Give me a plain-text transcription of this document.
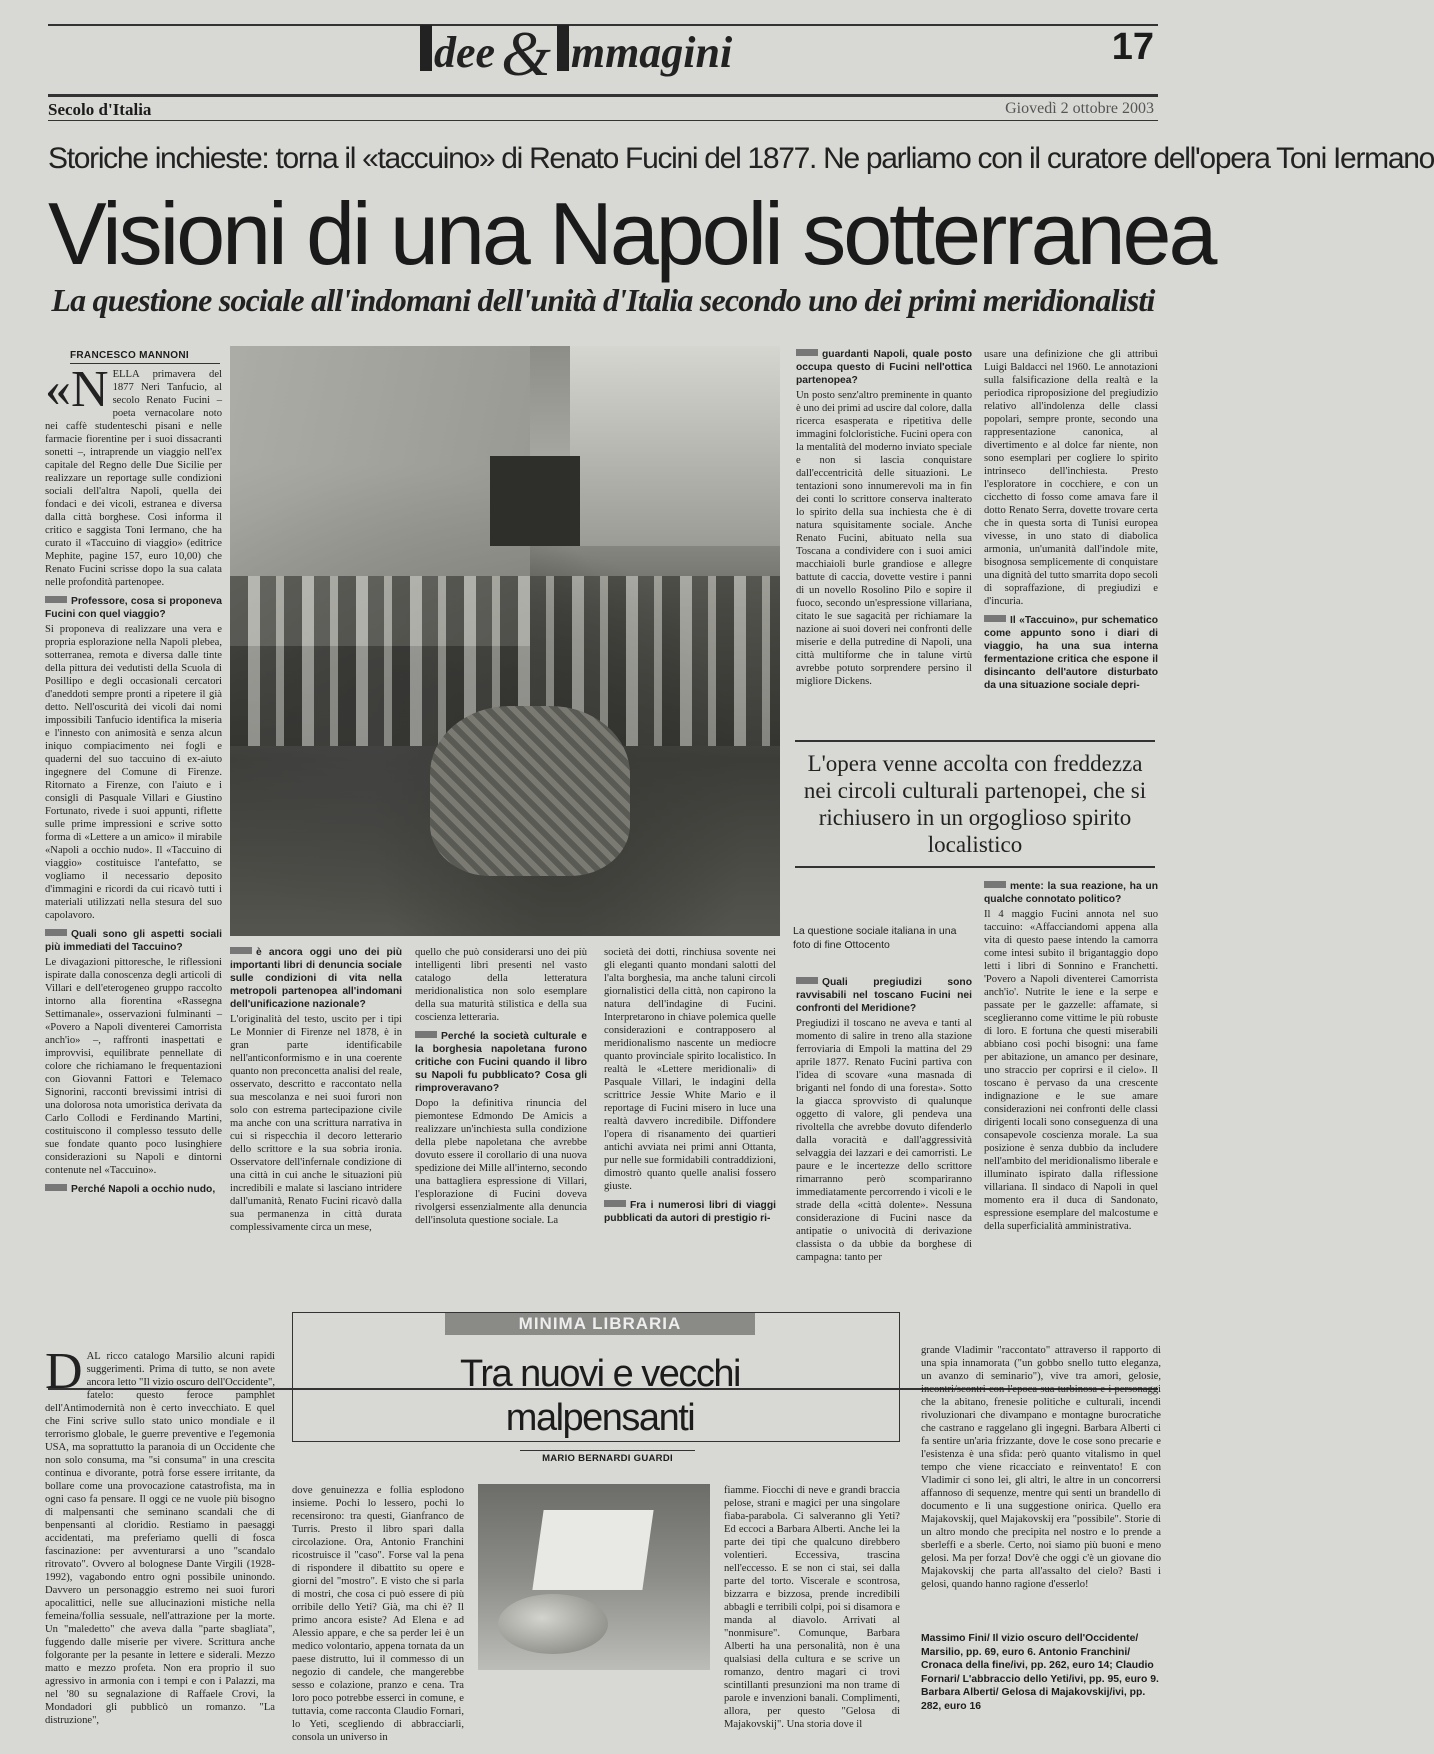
dee& mmagini	17
Secolo d'Italia	Giovedì 2 ottobre 2003
Storiche inchieste: torna il «taccuino» di Renato Fucini del 1877. Ne parliamo con il curatore dell'opera Toni Iermano
Visioni di una Napoli sotterranea
La questione sociale all'indomani dell'unità d'Italia secondo uno dei primi meridionalisti
FRANCESCO MANNONI

«NELLA primavera del 1877 Neri Tanfucio, al secolo Renato Fucini – poeta vernacolare noto nei caffè studenteschi pisani e nelle farmacie fiorentine per i suoi dissacranti sonetti –, intraprende un viaggio nell'ex capitale del Regno delle Due Sicilie per realizzare un reportage sulle condizioni sociali dell'altra Napoli, quella dei fondaci e dei vicoli, estranea e diversa dalla città borghese. Così informa il critico e saggista Toni Iermano, che ha curato il «Taccuino di viaggio» (editrice Mephite, pagine 157, euro 10,00) che Renato Fucini scrisse dopo la sua calata nelle profondità partenopee.

Professore, cosa si proponeva Fucini con quel viaggio?

Si proponeva di realizzare una vera e propria esplorazione nella Napoli plebea, sotterranea, remota e diversa dalle tinte della pittura dei vedutisti della Scuola di Posillipo e degli occasionali cercatori d'aneddoti sempre pronti a ripetere il già detto. Nell'oscurità dei vicoli dai nomi impossibili Tanfucio identifica la miseria e l'innesto con animosità e senza alcun iniquo compiacimento nei fogli e quaderni del suo taccuino di ex-aiuto ingegnere del Comune di Firenze. Ritornato a Firenze, con l'aiuto e i consigli di Pasquale Villari e Giustino Fortunato, rivede i suoi appunti, riflette sulle prime impressioni e scrive sotto forma di «Lettere a un amico» il mirabile «Napoli a occhio nudo». Il «Taccuino di viaggio» costituisce l'antefatto, se vogliamo il necessario deposito d'immagini e ricordi da cui ricavò tutti i materiali utilizzati nella stesura del suo capolavoro.

Quali sono gli aspetti sociali più immediati del Taccuino?

Le divagazioni pittoresche, le riflessioni ispirate dalla conoscenza degli articoli di Villari e dell'eterogeneo gruppo raccolto intorno alla fiorentina «Rassegna Settimanale», osservazioni fulminanti – «Povero a Napoli diventerei Camorrista anch'io» –, raffronti inaspettati e improvvisi, equilibrate pennellate di colore che richiamano le frequentazioni con Giovanni Fattori e Telemaco Signorini, racconti brevissimi intrisi di una dolorosa nota umoristica derivata da Carlo Collodi e Ferdinando Martini, costituiscono il complesso tessuto delle sue fondate quanto poco lusinghiere considerazioni su Napoli e dintorni contenute nel «Taccuino».

Perché Napoli a occhio nudo,

è ancora oggi uno dei più importanti libri di denuncia sociale sulle condizioni di vita nella metropoli partenopea all'indomani dell'unificazione nazionale?

L'originalità del testo, uscito per i tipi Le Monnier di Firenze nel 1878, è in gran parte identificabile nell'anticonformismo e in una coerente quanto non preconcetta analisi del reale, osservato, descritto e raccontato nella sua mescolanza e nei suoi furori non solo con estrema partecipazione civile ma anche con una scrittura narrativa in cui si rispecchia il decoro letterario dello scrittore e la sua sobria ironia. Osservatore dell'infernale condizione di una città in cui anche le situazioni più incredibili e malate si lasciano intridere dall'umanità, Renato Fucini ricavò dalla sua permanenza in città durata complessivamente circa un mese,

quello che può considerarsi uno dei più intelligenti libri presenti nel vasto catalogo della letteratura meridionalistica non solo esemplare della sua maturità stilistica e della sua coscienza letteraria.

Perché la società culturale e la borghesia napoletana furono critiche con Fucini quando il libro su Napoli fu pubblicato? Cosa gli rimproveravano?

Dopo la definitiva rinuncia del piemontese Edmondo De Amicis a realizzare un'inchiesta sulla condizione della plebe napoletana che avrebbe dovuto essere il corollario di una nuova spedizione dei Mille all'interno, secondo una battagliera espressione di Villari, l'esplorazione di Fucini doveva rivolgersi essenzialmente alla denuncia dell'insoluta questione sociale. La

società dei dotti, rinchiusa sovente nei gli eleganti quanto mondani salotti del l'alta borghesia, ma anche taluni circoli giornalistici della città, non capirono la natura dell'indagine di Fucini. Interpretarono in chiave polemica quelle considerazioni e contrapposero al meridionalismo nascente un mediocre quanto provinciale spirito localistico. In realtà le «Lettere meridionali» di Pasquale Villari, le indagini della scrittrice Jessie White Mario e il reportage di Fucini misero in luce una realtà davvero incredibile. Diffondere l'opera di risanamento dei quartieri antichi avviata nei primi anni Ottanta, pur nelle sue formidabili contraddizioni, dimostrò quanto quelle analisi fossero giuste.

Fra i numerosi libri di viaggi pubblicati da autori di prestigio ri-

guardanti Napoli, quale posto occupa questo di Fucini nell'ottica partenopea?

Un posto senz'altro preminente in quanto è uno dei primi ad uscire dal colore, dalla ricerca esasperata e ripetitiva delle immagini folcloristiche. Fucini opera con la mentalità del moderno inviato speciale e non si lascia conquistare dall'eccentricità delle situazioni. Le tentazioni sono innumerevoli ma in fin dei conti lo scrittore conserva inalterato lo spirito della sua inchiesta che è di natura squisitamente sociale. Anche Renato Fucini, abituato nella sua Toscana a condividere con i suoi amici macchiaioli burle grandiose e allegre battute di caccia, dovette vestire i panni di un novello Rosolino Pilo e sopire il fuoco, secondo un'espressione villariana, citato le sue sagacità per richiamare la nazione ai suoi doveri nei confronti delle miserie e della putredine di Napoli, una città multiforme che in talune virtù avrebbe potuto sorprendere persino il migliore Dickens.

usare una definizione che gli attribuì Luigi Baldacci nel 1960. Le annotazioni sulla falsificazione della realtà e la periodica riproposizione del pregiudizio relativo all'indolenza delle classi popolari, sempre pronte, secondo una rappresentazione canonica, al divertimento e al dolce far niente, non sono esemplari per cogliere lo spirito intrinseco dell'inchiesta. Presto l'esploratore in cocchiere, e con un cicchetto di fosso come amava fare il dotto Renato Serra, dovette trovare certa che in questa sorta di Tunisi europea vivesse, in uno stato di diabolica armonia, un'umanità dall'indole mite, bisognosa semplicemente di conquistare una dignità del tutto smarrita dopo secoli di sopraffazione, di pregiudizi e d'incuria.

Il «Taccuino», pur schematico come appunto sono i diari di viaggio, ha una sua interna fermentazione critica che espone il disincanto dell'autore disturbato da una situazione sociale depri-

L'opera venne accolta con freddezza nei circoli culturali partenopei, che si richiusero in un orgoglioso spirito localistico
La questione sociale italiana in una foto di fine Ottocento

Quali pregiudizi sono ravvisabili nel toscano Fucini nei confronti del Meridione?

Pregiudizi il toscano ne aveva e tanti al momento di salire in treno alla stazione ferroviaria di Empoli la mattina del 29 aprile 1877. Renato Fucini partiva con l'idea di scovare «una masnada di briganti nel fondo di una foresta». Sotto la giacca sprovvisto di qualunque oggetto di valore, gli pendeva una rivoltella che avrebbe dovuto difenderlo dalla voracità e dall'aggressività selvaggia dei lazzari e dei camorristi. Le paure e le incertezze dello scrittore rimarranno però scompariranno immediatamente percorrendo i vicoli e le strade della «città dolente». Nessuna considerazione di Fucini nasce da antipatie o univocità di derivazione classista o da ubbie da borghese di campagna: tanto per

mente: la sua reazione, ha un qualche connotato politico?

Il 4 maggio Fucini annota nel suo taccuino: «Affacciandomi appena alla vita di questo paese intendo la camorra come intesi subito il brigantaggio dopo letti i libri di Sonnino e Franchetti. 'Povero a Napoli diventerei Camorrista anch'io'. Nutrite le iene e la serpe e passate per le gazzelle: affamate, si sceglieranno come vittime le più robuste di loro. E fortuna che questi miserabili abbiano così pochi bisogni: una fame per abitazione, un amanco per desinare, uno straccio per coprirsi e il cielo». Il toscano è pervaso da una crescente indignazione e le sue amare considerazioni nei confronti delle classi dirigenti locali sono conseguenza di una consapevole coscienza morale. La sua posizione è senza dubbio da includere nell'ambito del meridionalismo liberale e illuminato ispirato dalla riflessione villariana. Il sindaco di Napoli in quel momento era il duca di Sandonato, espressione esemplare del malcostume e della superficialità amministrativa.

DAL ricco catalogo Marsilio alcuni rapidi suggerimenti. Prima di tutto, se non avete ancora letto "Il vizio oscuro dell'Occidente", fatelo: questo feroce pamphlet dell'Antimodernità non è certo invecchiato. E quel che Fini scrive sullo stato unico mondiale e il terrorismo globale, le guerre preventive e l'egemonia USA, ma soprattutto la paranoia di un Occidente che non solo consuma, ma "si consuma" in una crescita continua e divorante, potrà forse essere irritante, da bollare come una provocazione catastrofista, ma in ogni caso fa pensare. Il oggi ce ne vuole più bisogno di malpensanti che seminano scandali che di benpensanti al cloridio. Restiamo in paesaggi accidentati, ma preferiamo quelli di fosca fascinazione: per avventurarsi a uno "scandalo ritrovato". Ovvero al bolognese Dante Virgili (1928-1992), vagabondo entro ogni possibile uninondo. Davvero un personaggio estremo nei suoi furori apocalittici, nelle sue allucinazioni mistiche nella femeina/follia sessuale, nell'attrazione per la morte. Un "maledetto" che aveva dalla "parte sbagliata", fuggendo dalle miserie per vivere. Scrittura anche folgorante per la pesante in lettere e siderali. Mezzo matto e mezzo profeta. Non era proprio il suo agressivo in armonia con i tempi e con i Palazzi, ma nel '80 su segnalazione di Raffaele Crovi, la Mondadori gli pubblicò un romanzo. "La distruzione",

MINIMA LIBRARIA
Tra nuovi e vecchi malpensanti
MARIO BERNARDI GUARDI

dove genuinezza e follia esplodono insieme. Pochi lo lessero, pochi lo recensirono: tra questi, Gianfranco de Turris. Presto il libro sparì dalla circolazione. Ora, Antonio Franchini ricostruisce il "caso". Forse val la pena di rispondere il dibattito su opere e giorni del "mostro". E visto che si parla di mostri, che cosa ci può essere di più orribile dello Yeti? Già, ma chi è? Il primo ancora esiste? Ad Elena e ad Alessio appare, e che sa perder lei è un medico volontario, appena tornata da un paese distrutto, lui il commesso di un negozio di candele, che mangerebbe sesso e colazione, pranzo e cena. Tra loro poco potrebbe esserci in comune, e tuttavia, come racconta Claudio Fornari, lo Yeti, scegliendo di abbracciarli, consola un universo in

fiamme. Fiocchi di neve e grandi braccia pelose, strani e magici per una singolare fiaba-parabola. Ci salveranno gli Yeti? Ed eccoci a Barbara Alberti. Anche lei la parte dei tipi che qualcuno direbbero volentieri. Eccessiva, trascina nell'eccesso. E se non ci stai, sei dalla parte del torto. Viscerale e scontrosa, bizzarra e bizzosa, prende incredibili abbagli e terribili colpi, poi si disamora e manda al diavolo. Arrivati al "nonmisure". Comunque, Barbara Alberti ha una personalità, non è una qualsiasi della cultura e se scrive un romanzo, dentro magari ci trovi scintillanti presunzioni ma non trame di parole e invenzioni banali. Complimenti, allora, per questo "Gelosa di Majakovskij". Una storia dove il

grande Vladimir "raccontato" attraverso il rapporto di una spia innamorata ("un gobbo snello tutto eleganza, un avanzo di seminario"), vive tra amori, gelosie, incontri/scontri con l'epoca sua turbinosa e i personaggi che la abitano, frenesie politiche e culturali, incendi rivoluzionari che divampano e montagne burocratiche che castrano e raggelano gli ingegni. Barbara Alberti ci fa sentire un'aria frizzante, dove le cose sono precarie e l'esistenza è una sfida: però quanto vitalismo in quel tempo che viene ricacciato e reinventato! E con Vladimir ci sono lei, gli altri, le altre in un concorrersi affannoso di sequenze, mentre qui senti un brandello di documento e lì una suggestione onirica. Quello era Majakovskij, quel Majakovskij era "possibile". Storie di un altro mondo che precipita nel nostro e lo prende a sberleffi e a sberle. Certo, noi siamo più buoni e meno gelosi. Ma per forza! Dov'è che oggi c'è un giovane dio Majakovskij che parta all'assalto del cielo? Basti i gelosi, quando hanno ragione d'esserlo!

Massimo Fini/ Il vizio oscuro dell'Occidente/ Marsilio, pp. 69, euro 6. Antonio Franchini/ Cronaca della fine/ivi, pp. 262, euro 14; Claudio Fornari/ L'abbraccio dello Yeti/ivi, pp. 95, euro 9. Barbara Alberti/ Gelosa di Majakovskij/ivi, pp. 282, euro 16
